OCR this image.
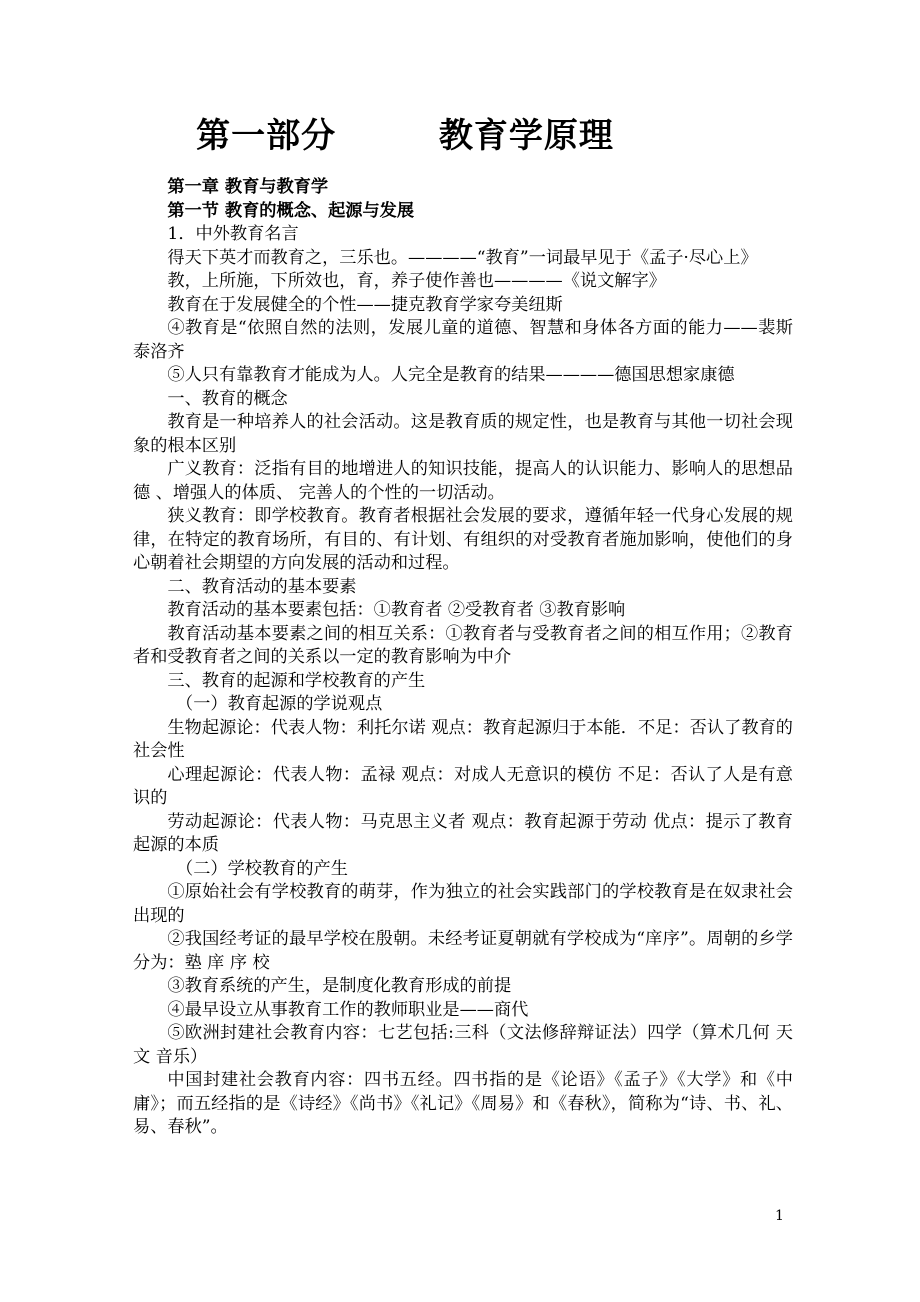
第一部分        教育学原理

第一章 教育与教育学

第一节 教育的概念、起源与发展

1．中外教育名言

得天下英才而教育之，三乐也。————“教育”一词最早见于《孟子·尽心上》

教，上所施，下所效也，育，养子使作善也————《说文解字》

教育在于发展健全的个性——捷克教育学家夸美纽斯

④教育是“依照自然的法则，发展儿童的道德、智慧和身体各方面的能力——裴斯泰洛齐

⑤人只有靠教育才能成为人。人完全是教育的结果————德国思想家康德

一、教育的概念

教育是一种培养人的社会活动。这是教育质的规定性，也是教育与其他一切社会现象的根本区别

广义教育：泛指有目的地增进人的知识技能，提高人的认识能力、影响人的思想品德 、增强人的体质、 完善人的个性的一切活动。

狭义教育：即学校教育。教育者根据社会发展的要求，遵循年轻一代身心发展的规律，在特定的教育场所，有目的、有计划、有组织的对受教育者施加影响，使他们的身心朝着社会期望的方向发展的活动和过程。

二、教育活动的基本要素

教育活动的基本要素包括：①教育者 ②受教育者 ③教育影响

教育活动基本要素之间的相互关系：①教育者与受教育者之间的相互作用；②教育者和受教育者之间的关系以一定的教育影响为中介

三、教育的起源和学校教育的产生

（一）教育起源的学说观点

生物起源论：代表人物：利托尔诺 观点：教育起源归于本能．不足：否认了教育的社会性

心理起源论：代表人物：孟禄 观点：对成人无意识的模仿 不足：否认了人是有意识的

劳动起源论：代表人物：马克思主义者 观点：教育起源于劳动 优点：提示了教育起源的本质

（二）学校教育的产生

①原始社会有学校教育的萌芽，作为独立的社会实践部门的学校教育是在奴隶社会出现的

②我国经考证的最早学校在殷朝。未经考证夏朝就有学校成为“庠序”。周朝的乡学分为：塾 庠 序 校

③教育系统的产生，是制度化教育形成的前提

④最早设立从事教育工作的教师职业是——商代

⑤欧洲封建社会教育内容：七艺包括:三科（文法修辞辩证法）四学（算术几何 天文 音乐）

中国封建社会教育内容：四书五经。四书指的是《论语》《孟子》《大学》和《中庸》；而五经指的是《诗经》《尚书》《礼记》《周易》和《春秋》，简称为“诗、书、礼、易、春秋”。

1
